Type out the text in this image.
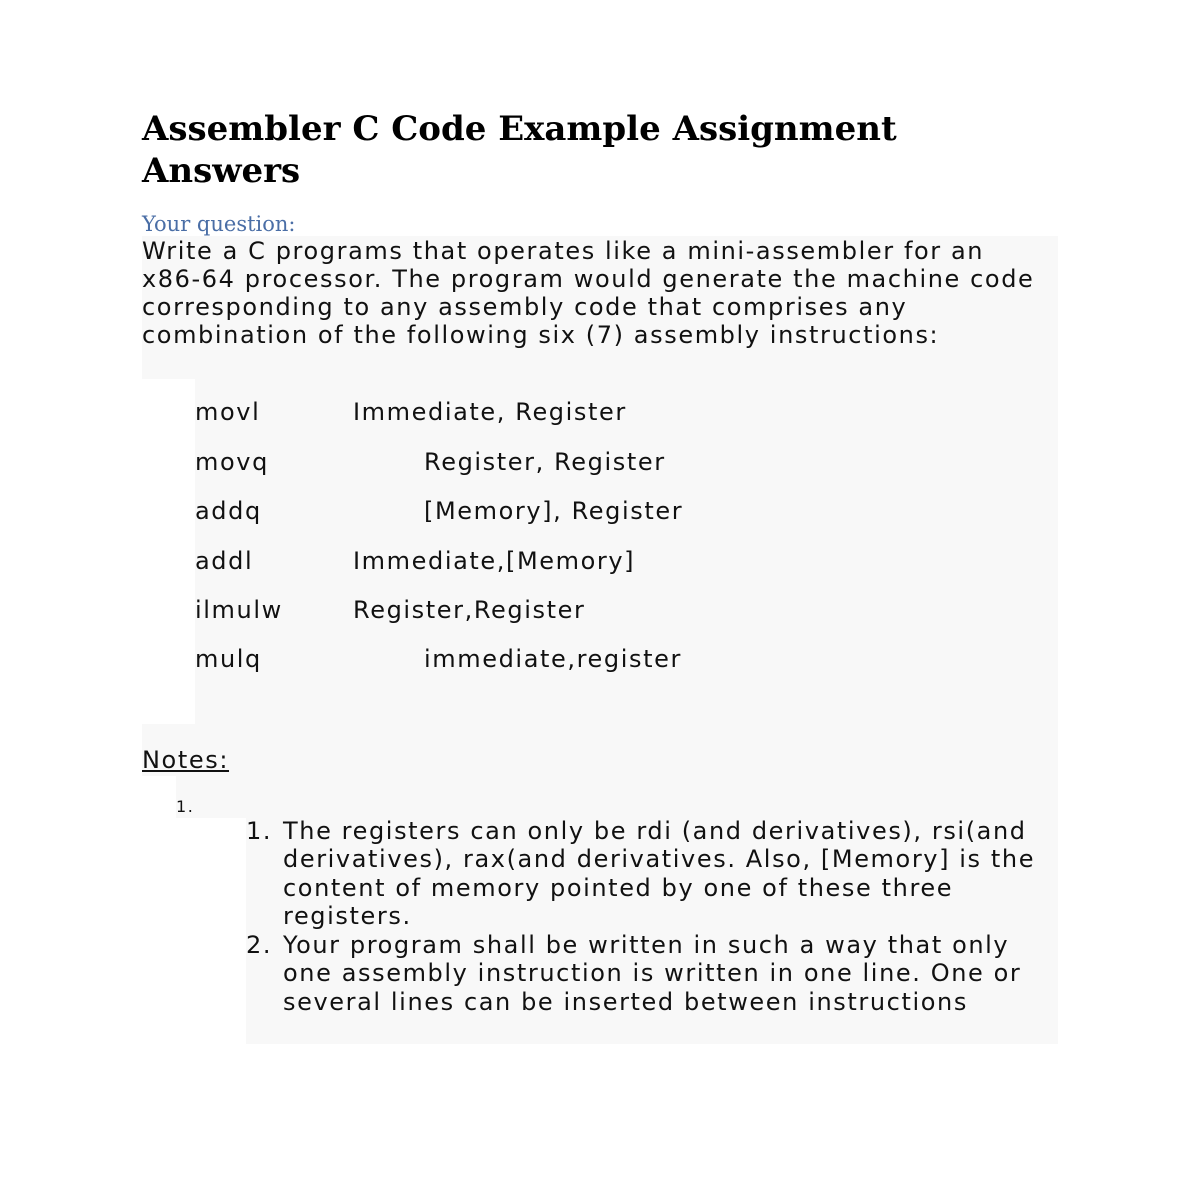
Assembler C Code Example Assignment Answers
Your question:
Write a C programs that operates like a mini-assembler for an x86-64 processor. The program would generate the machine code corresponding to any assembly code that comprises any combination of the following six (7) assembly instructions:
movl	Immediate, Register
movq	Register, Register
addq	[Memory], Register
addl	Immediate,[Memory]
ilmulw	Register,Register
mulq	immediate,register
Notes:
1.
1. The registers can only be rdi (and derivatives), rsi(and derivatives), rax(and derivatives. Also, [Memory] is the content of memory pointed by one of these three registers.
2. Your program shall be written in such a way that only one assembly instruction is written in one line. One or several lines can be inserted between instructions
